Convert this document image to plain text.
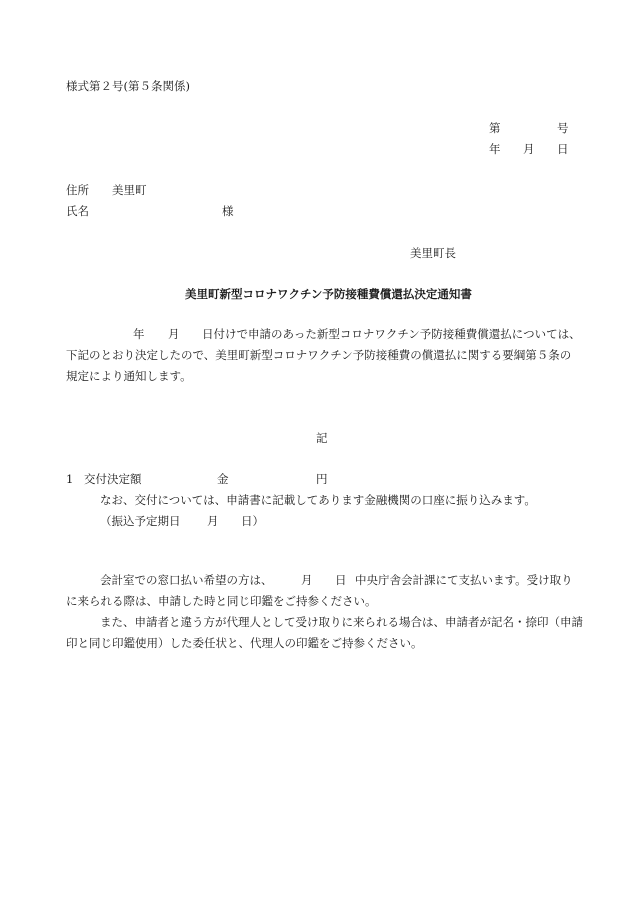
様式第２号(第５条関係)
第	号
年 月 日
住所 美里町
氏名	様
美里町長
美里町新型コロナワクチン予防接種費償還払決定通知書
年 月 日付けで申請のあった新型コロナワクチン予防接種費償還払については、
下記のとおり決定したので、美里町新型コロナワクチン予防接種費の償還払に関する要綱第５条の
規定により通知します。
記
1 交付決定額	金	円
なお、交付については、申請書に記載してあります金融機関の口座に振り込みます。
（振込予定期日 月 日）
会計室での窓口払い希望の方は、 月 日 中央庁舎会計課にて支払います。受け取り
に来られる際は、申請した時と同じ印鑑をご持参ください。
また、申請者と違う方が代理人として受け取りに来られる場合は、申請者が記名・捺印（申請
印と同じ印鑑使用）した委任状と、代理人の印鑑をご持参ください。
